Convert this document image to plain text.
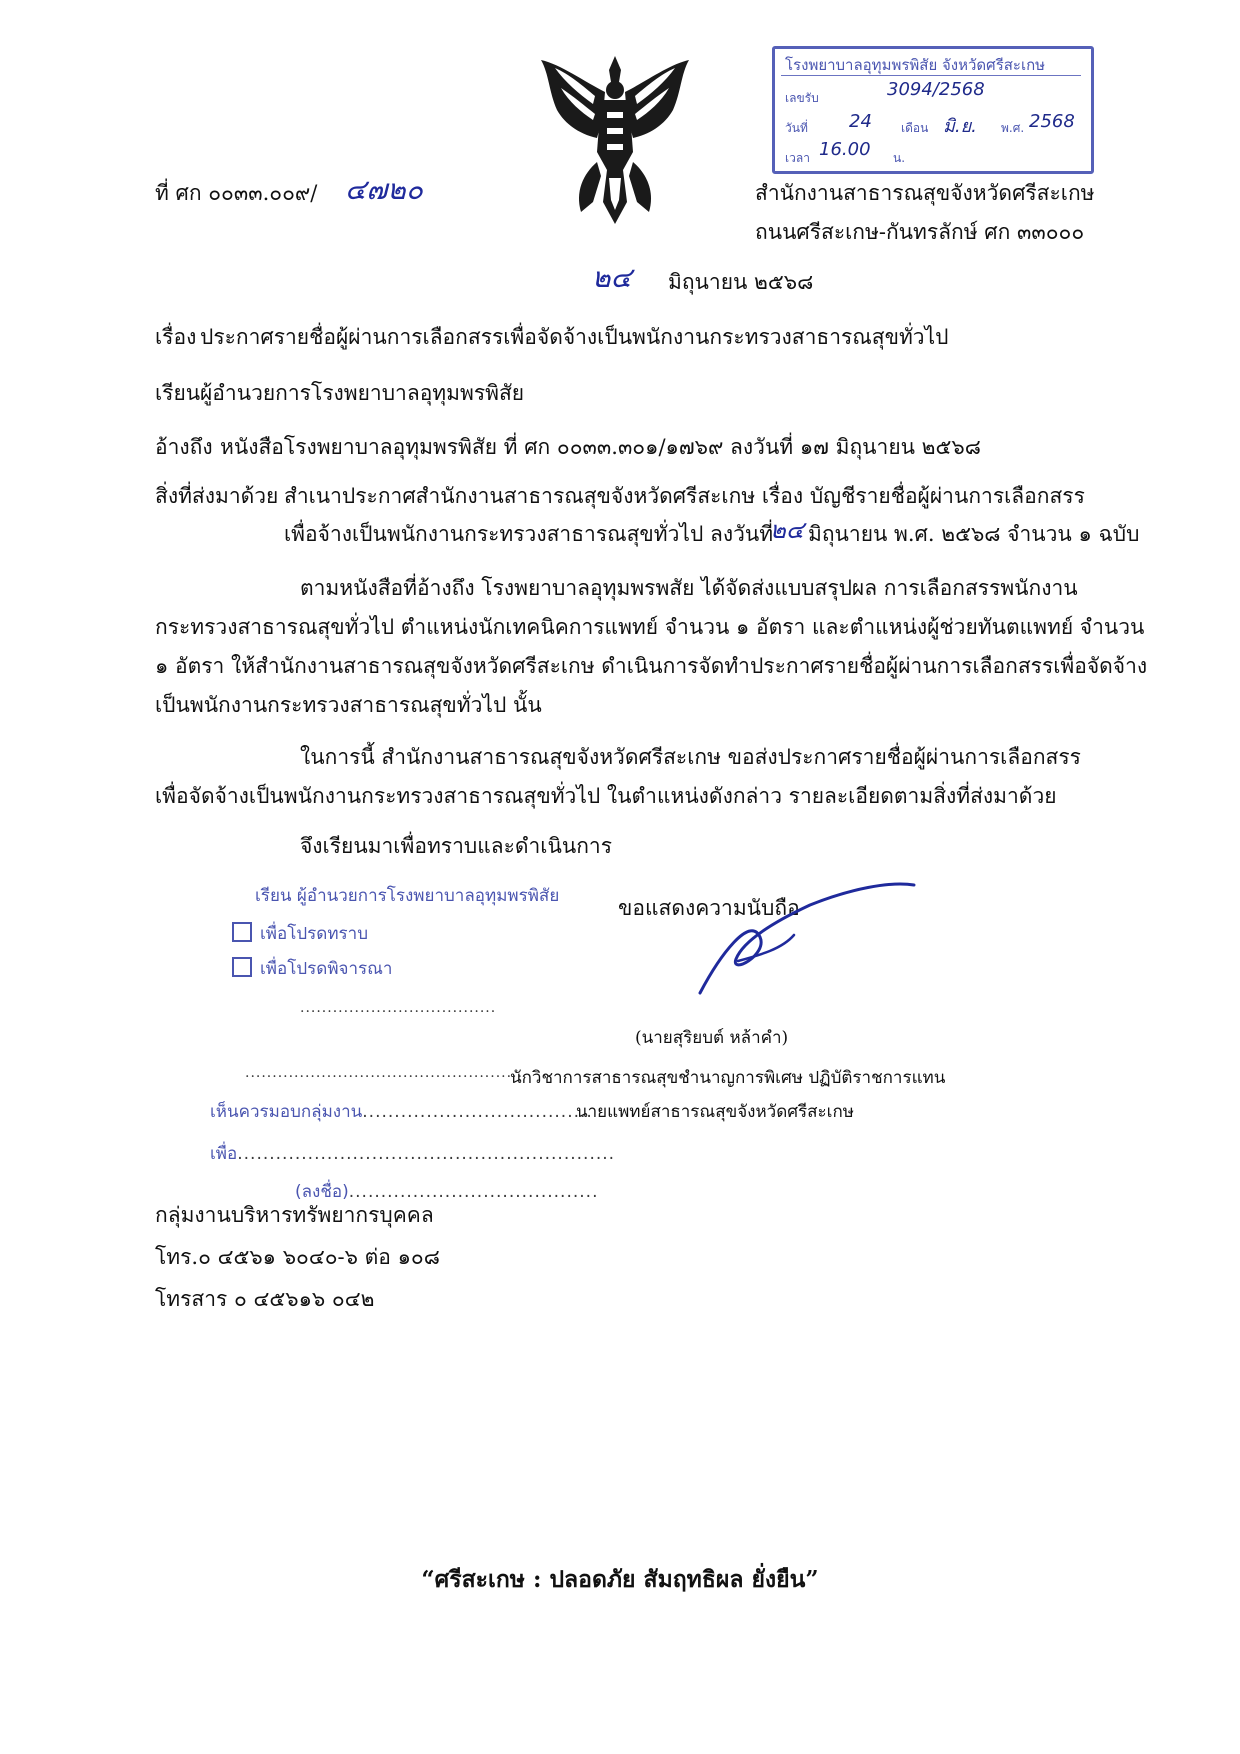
โรงพยาบาลอุทุมพรพิสัย จังหวัดศรีสะเกษ
เลขรับ	3094/2568
วันที่ 24 เดือน มิ.ย. พ.ศ. 2568
เวลา 16.00 น.
ที่ ศก ๐๐๓๓.๐๐๙/ ๔๗๒๐	สำนักงานสาธารณสุขจังหวัดศรีสะเกษ
ถนนศรีสะเกษ-กันทรลักษ์ ศก ๓๓๐๐๐
๒๔ มิถุนายน ๒๕๖๘
เรื่อง ประกาศรายชื่อผู้ผ่านการเลือกสรรเพื่อจัดจ้างเป็นพนักงานกระทรวงสาธารณสุขทั่วไป
เรียน ผู้อำนวยการโรงพยาบาลอุทุมพรพิสัย
อ้างถึง หนังสือโรงพยาบาลอุทุมพรพิสัย ที่ ศก ๐๐๓๓.๓๐๑/๑๗๖๙ ลงวันที่ ๑๗ มิถุนายน ๒๕๖๘
สิ่งที่ส่งมาด้วย สำเนาประกาศสำนักงานสาธารณสุขจังหวัดศรีสะเกษ เรื่อง บัญชีรายชื่อผู้ผ่านการเลือกสรร
เพื่อจ้างเป็นพนักงานกระทรวงสาธารณสุขทั่วไป ลงวันที่
๒๔ มิถุนายน พ.ศ. ๒๕๖๘ จำนวน ๑ ฉบับ
ตามหนังสือที่อ้างถึง โรงพยาบาลอุทุมพรพสัย ได้จัดส่งแบบสรุปผล การเลือกสรรพนักงาน
กระทรวงสาธารณสุขทั่วไป ตำแหน่งนักเทคนิคการแพทย์ จำนวน ๑ อัตรา และตำแหน่งผู้ช่วยทันตแพทย์ จำนวน
๑ อัตรา ให้สำนักงานสาธารณสุขจังหวัดศรีสะเกษ ดำเนินการจัดทำประกาศรายชื่อผู้ผ่านการเลือกสรรเพื่อจัดจ้าง
เป็นพนักงานกระทรวงสาธารณสุขทั่วไป นั้น
ในการนี้ สำนักงานสาธารณสุขจังหวัดศรีสะเกษ ขอส่งประกาศรายชื่อผู้ผ่านการเลือกสรร
เพื่อจัดจ้างเป็นพนักงานกระทรวงสาธารณสุขทั่วไป ในตำแหน่งดังกล่าว รายละเอียดตามสิ่งที่ส่งมาด้วย
จึงเรียนมาเพื่อทราบและดำเนินการ
ขอแสดงความนับถือ
(นายสุริยบต์ หล้าคำ)
นักวิชาการสาธารณสุขชำนาญการพิเศษ ปฏิบัติราชการแทน
นายแพทย์สาธารณสุขจังหวัดศรีสะเกษ
เรียน ผู้อำนวยการโรงพยาบาลอุทุมพรพิสัย
เพื่อโปรดทราบ
เพื่อโปรดพิจารณา
....................................
...................................................
เห็นควรมอบกลุ่มงาน....................................
เพื่อ...........................................................
(ลงชื่อ).......................................
กลุ่มงานบริหารทรัพยากรบุคคล
โทร.๐ ๔๕๖๑ ๖๐๔๐-๖ ต่อ ๑๐๘
โทรสาร ๐ ๔๕๖๑๖ ๐๔๒
“ศรีสะเกษ : ปลอดภัย สัมฤทธิผล ยั่งยืน”
